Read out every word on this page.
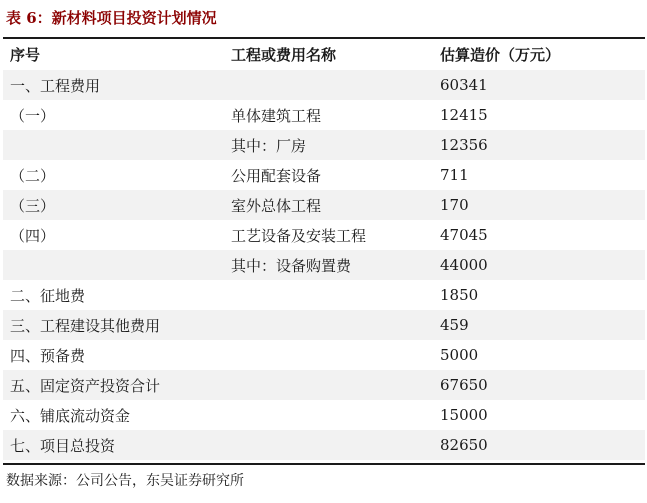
表 6：新材料项目投资计划情况
序号	工程或费用名称	估算造价（万元）
一、工程费用		60341
（一）	单体建筑工程	12415
	其中：厂房	12356
（二）	公用配套设备	711
（三）	室外总体工程	170
（四）	工艺设备及安装工程	47045
	其中：设备购置费	44000
二、征地费		1850
三、工程建设其他费用		459
四、预备费		5000
五、固定资产投资合计		67650
六、铺底流动资金		15000
七、项目总投资		82650
数据来源：公司公告，东吴证券研究所
